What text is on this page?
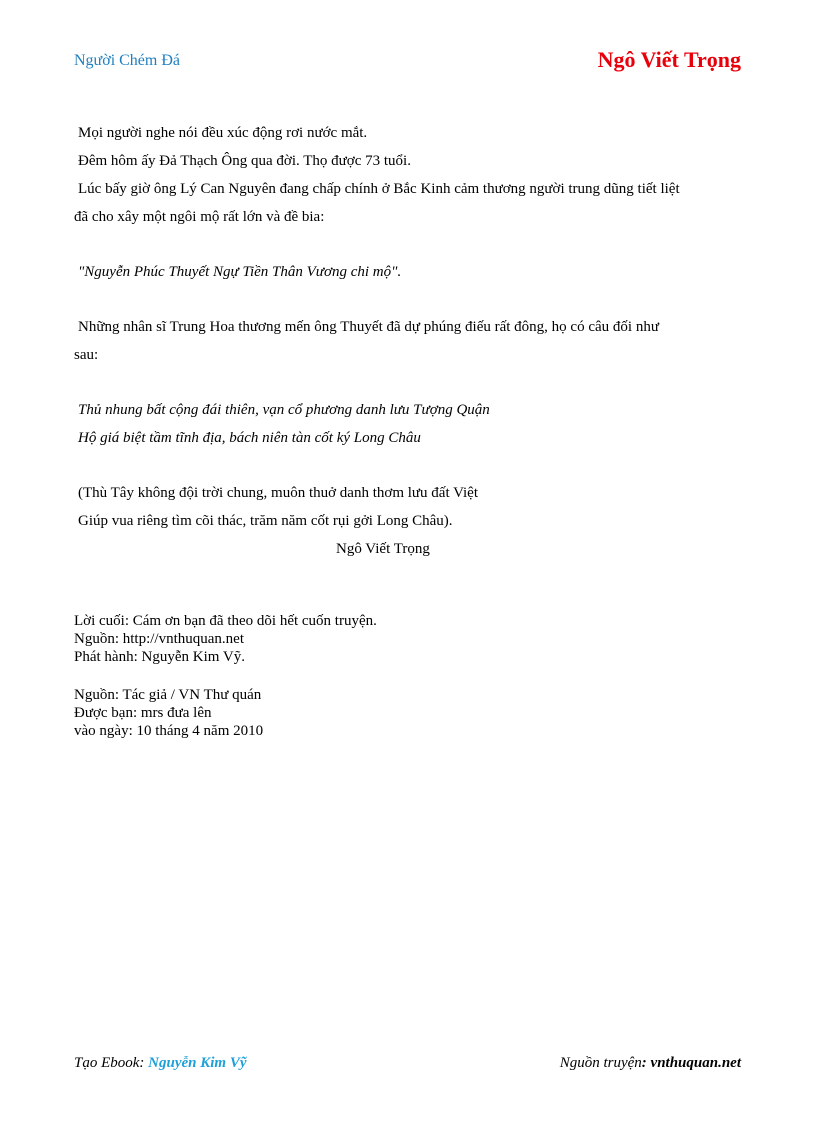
Người Chém Đá	Ngô Viết Trọng
Mọi người nghe nói đều xúc động rơi nước mắt.
Đêm hôm ấy Đả Thạch Ông qua đời. Thọ được 73 tuổi.
Lúc bấy giờ ông Lý Can Nguyên đang chấp chính ở Bắc Kinh cảm thương người trung dũng tiết liệt
đã cho xây một ngôi mộ rất lớn và đề bia:
"Nguyễn Phúc Thuyết Ngự Tiền Thân Vương chi mộ".
Những nhân sĩ Trung Hoa thương mến ông Thuyết đã dự phúng điếu rất đông, họ có câu đối như
sau:
Thủ nhung bất cộng đái thiên, vạn cổ phương danh lưu Tượng Quận
Hộ giá biệt tầm tĩnh địa, bách niên tàn cốt ký Long Châu
(Thù Tây không đội trời chung, muôn thuở danh thơm lưu đất Việt
Giúp vua riêng tìm cõi thác, trăm năm cốt rụi gởi Long Châu).
Ngô Viết Trọng
Lời cuối: Cám ơn bạn đã theo dõi hết cuốn truyện.
Nguồn: http://vnthuquan.net
Phát hành: Nguyễn Kim Vỹ.
Nguồn: Tác giả / VN Thư quán
Được bạn: mrs đưa lên
vào ngày: 10 tháng 4 năm 2010
Tạo Ebook: Nguyễn Kim Vỹ	Nguồn truyện: vnthuquan.net
